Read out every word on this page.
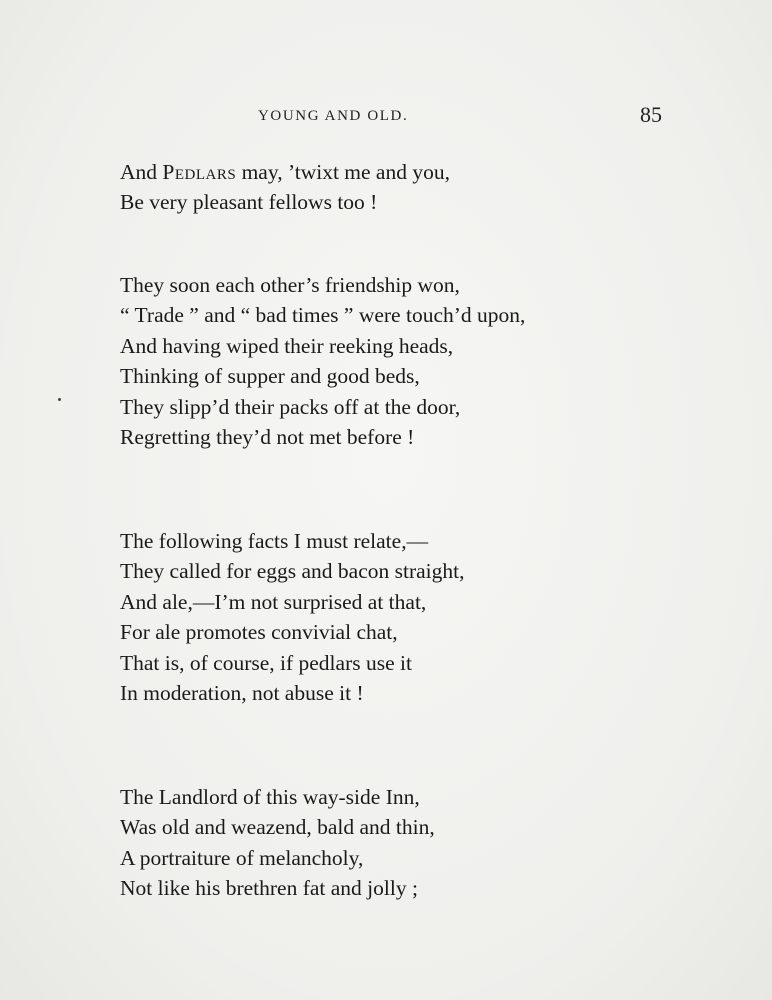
YOUNG AND OLD.	85
And Pedlars may, ’twixt me and you,
Be very pleasant fellows too !
They soon each other’s friendship won,
“ Trade ” and “ bad times ” were touch’d upon,
And having wiped their reeking heads,
Thinking of supper and good beds,
They slipp’d their packs off at the door,
Regretting they’d not met before !
The following facts I must relate,—
They called for eggs and bacon straight,
And ale,—I’m not surprised at that,
For ale promotes convivial chat,
That is, of course, if pedlars use it
In moderation, not abuse it !
The Landlord of this way-side Inn,
Was old and weazend, bald and thin,
A portraiture of melancholy,
Not like his brethren fat and jolly ;
